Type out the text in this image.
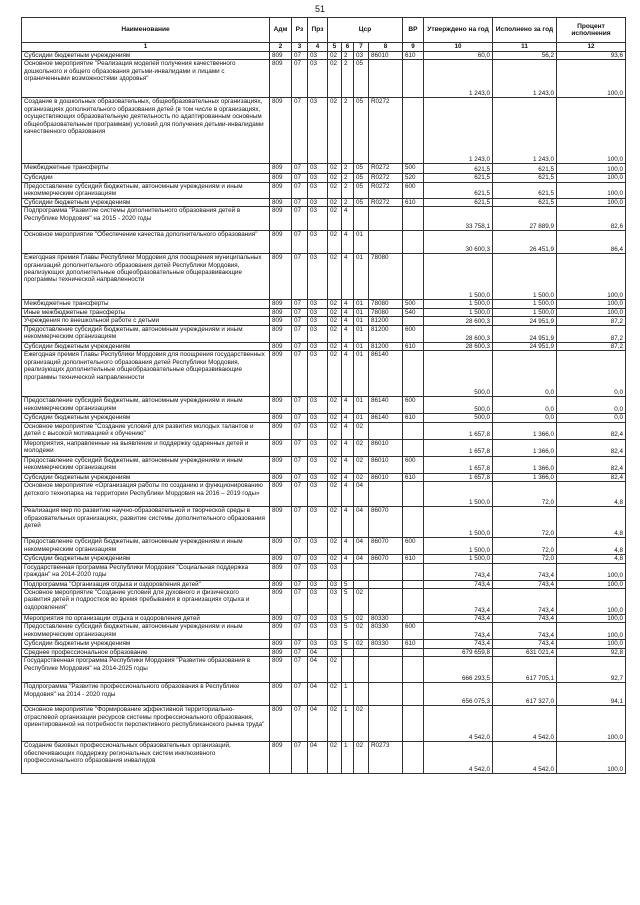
51
Наименование	Адм	Рз	Прз	Цср				ВР	Утверждено на год	Исполнено за год	Процент исполнения
1	2	3	4	5	6	7	8	9	10	11	12
Субсидии бюджетным учреждениям	809	07	03	02	2	03	86010	610	60,0	56,2	93,6
Основное мероприятие "Реализация моделей получения качественного дошкольного и общего образования детьми-инвалидами и лицами с ограниченными возможностями здоровья"	809	07	03	02	2	05			1 243,0	1 243,0	100,0
Создание в дошкольных образовательных, общеобразовательных организациях, организациях дополнительного образования детей (в том числе в организациях, осуществляющих образовательную деятельность по адаптированным основным общеобразовательным программам) условий для получения детьми-инвалидами качественного образования	809	07	03	02	2	05	R0272		1 243,0	1 243,0	100,0
Межбюджетные трансферты	809	07	03	02	2	05	R0272	500	621,5	621,5	100,0
Субсидии	809	07	03	02	2	05	R0272	520	621,5	621,5	100,0
Предоставление субсидий бюджетным, автономным учреждениям и иным некоммерческим организациям	809	07	03	02	2	05	R0272	600	621,5	621,5	100,0
Субсидии бюджетным учреждениям	809	07	03	02	2	05	R0272	610	621,5	621,5	100,0
Подпрограмма "Развитие системы дополнительного образования детей в Республике Мордовия" на 2015 - 2020 годы	809	07	03	02	4				33 758,1	27 889,9	82,6
Основное мероприятие "Обеспечение качества дополнительного образования"	809	07	03	02	4	01			30 600,3	26 451,9	86,4
Ежегодная премия Главы Республики Мордовия для поощрения муниципальных организаций дополнительного образования детей Республики Мордовия, реализующих дополнительные общеобразовательные общеразвивающие программы технической направленности	809	07	03	02	4	01	78080		1 500,0	1 500,0	100,0
Межбюджетные трансферты	809	07	03	02	4	01	78080	500	1 500,0	1 500,0	100,0
Иные межбюджетные трансферты	809	07	03	02	4	01	78080	540	1 500,0	1 500,0	100,0
Учреждения по внешкольной работе с детьми	809	07	03	02	4	01	81200		28 600,3	24 951,9	87,2
Предоставление субсидий бюджетным, автономным учреждениям и иным некоммерческим организациям	809	07	03	02	4	01	81200	600	28 600,3	24 951,9	87,2
Субсидии бюджетным учреждениям	809	07	03	02	4	01	81200	610	28 600,3	24 951,9	87,2
Ежегодная премия Главы Республики Мордовия для поощрения государственных организаций дополнительного образования детей Республики Мордовия, реализующих дополнительные общеобразовательные общеразвивающие программы технической направленности	809	07	03	02	4	01	86140		500,0	0,0	0,0
Предоставление субсидий бюджетным, автономным учреждениям и иным некоммерческим организациям	809	07	03	02	4	01	86140	600	500,0	0,0	0,0
Субсидии бюджетным учреждениям	809	07	03	02	4	01	86140	610	500,0	0,0	0,0
Основное мероприятие "Создание условий для развития молодых талантов и детей с высокой мотивацией к обучению"	809	07	03	02	4	02			1 657,8	1 366,0	82,4
Мероприятия, направленные на выявление и поддержку одаренных детей и молодежи	809	07	03	02	4	02	86010		1 657,8	1 366,0	82,4
Предоставление субсидий бюджетным, автономным учреждениям и иным некоммерческим организациям	809	07	03	02	4	02	86010	600	1 657,8	1 366,0	82,4
Субсидии бюджетным учреждениям	809	07	03	02	4	02	86010	610	1 657,8	1 366,0	82,4
Основное мероприятие «Организация работы по созданию и функционированию детского технопарка на территории Республики Мордовия на 2016 – 2019 годы»	809	07	03	02	4	04			1 500,0	72,0	4,8
Реализация мер по развитию научно-образовательной и творческой среды в образовательных организациях, развитие системы дополнительного образования детей	809	07	03	02	4	04	86070		1 500,0	72,0	4,8
Предоставление субсидий бюджетным, автономным учреждениям и иным некоммерческим организациям	809	07	03	02	4	04	86070	600	1 500,0	72,0	4,8
Субсидии бюджетным учреждениям	809	07	03	02	4	04	86070	610	1 500,0	72,0	4,8
Государственная программа Республики Мордовия "Социальная поддержка граждан" на 2014-2020 годы	809	07	03	03					743,4	743,4	100,0
Подпрограмма "Организация отдыха и оздоровления детей"	809	07	03	03	5				743,4	743,4	100,0
Основное мероприятие "Создание условий для духовного и физического развития детей и подростков во время пребывания в организациях отдыха и оздоровления"	809	07	03	03	5	02			743,4	743,4	100,0
Мероприятия по организации отдыха и оздоровления детей	809	07	03	03	5	02	80330		743,4	743,4	100,0
Предоставление субсидий бюджетным, автономным учреждениям и иным некоммерческим организациям	809	07	03	03	5	02	80330	600	743,4	743,4	100,0
Субсидии бюджетным учреждениям	809	07	03	03	5	02	80330	610	743,4	743,4	100,0
Среднее профессиональное образование	809	07	04						679 659,8	631 021,4	92,8
Государственная программа Республики Мордовия "Развитие образования в Республике Мордовия" на 2014-2025 годы	809	07	04	02					666 293,5	617 705,1	92,7
Подпрограмма "Развитие профессионального образования в Республике Мордовия" на 2014 - 2020 годы	809	07	04	02	1				656 075,3	617 327,0	94,1
Основное мероприятие "Формирование эффективной территориально-отраслевой организации ресурсов системы профессионального образования, ориентированной на потребности перспективного республиканского рынка труда"	809	07	04	02	1	02			4 542,0	4 542,0	100,0
Создание базовых профессиональных образовательных организаций, обеспечивающих поддержку региональных систем инклюзивного профессионального образования инвалидов	809	07	04	02	1	02	R0273		4 542,0	4 542,0	100,0
